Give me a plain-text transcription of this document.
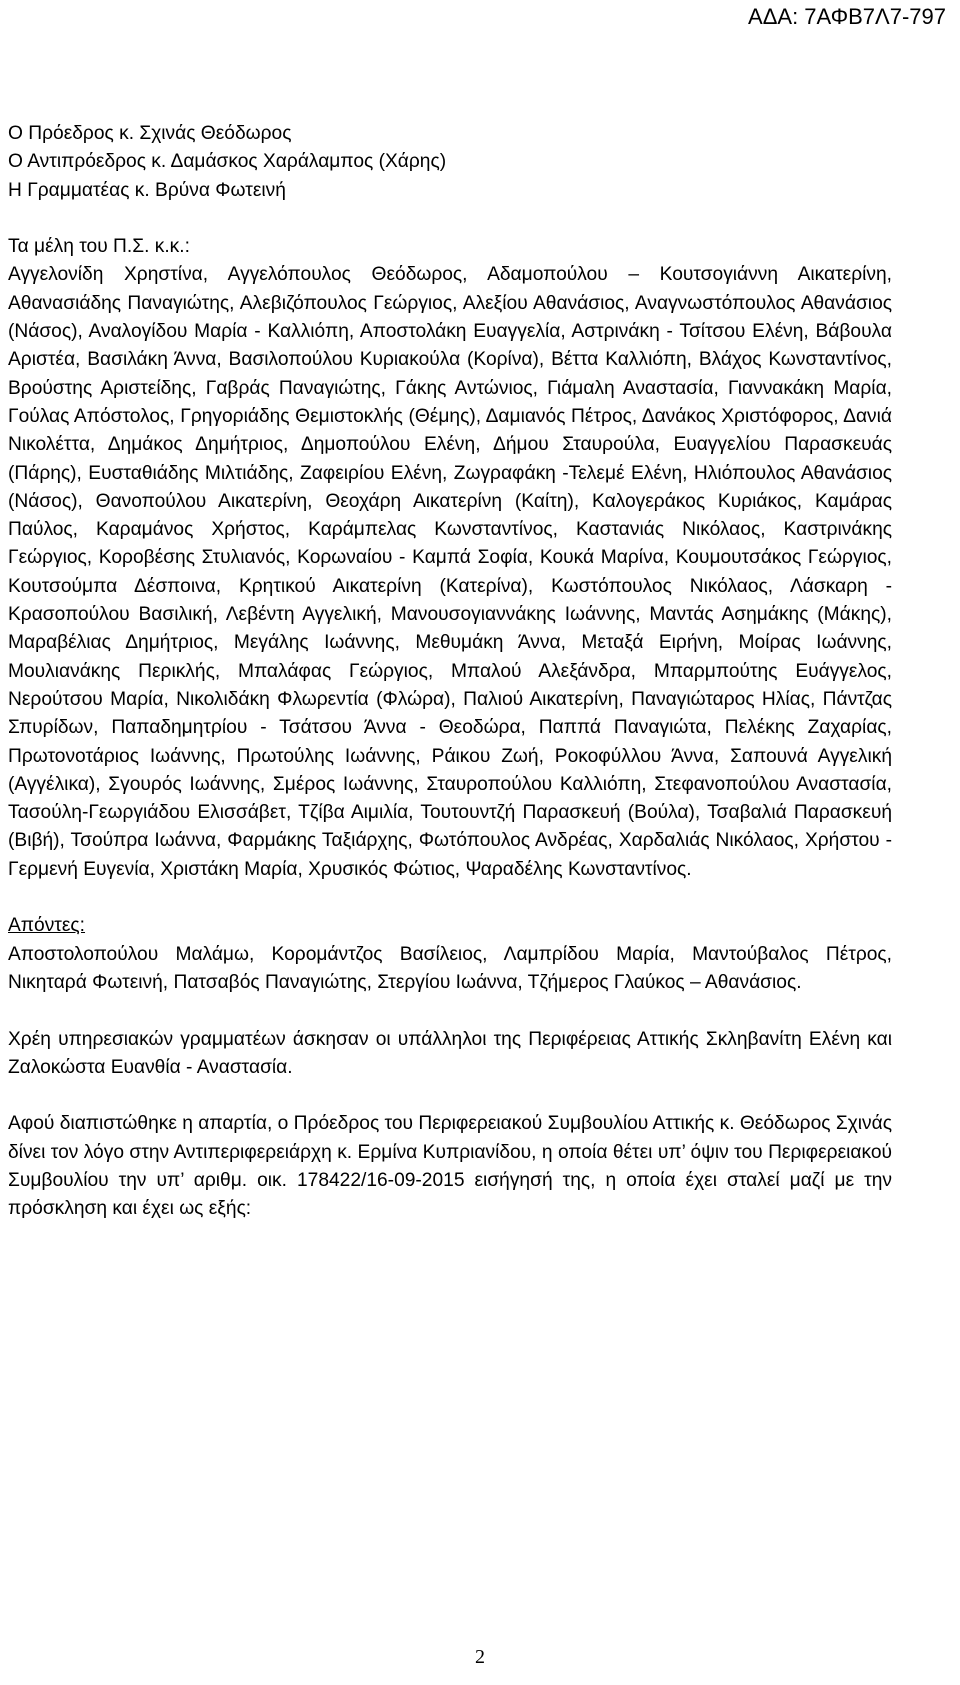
ΑΔΑ: 7ΑΦΒ7Λ7-797

Ο Πρόεδρος κ. Σχινάς Θεόδωρος

Ο Αντιπρόεδρος κ. Δαμάσκος Χαράλαμπος (Χάρης)

Η Γραμματέας κ. Βρύνα Φωτεινή

Τα μέλη του Π.Σ. κ.κ.:

Αγγελονίδη Χρηστίνα, Αγγελόπουλος Θεόδωρος, Αδαμοπούλου – Κουτσογιάννη Αικατερίνη, Αθανασιάδης Παναγιώτης, Αλεβιζόπουλος Γεώργιος, Αλεξίου Αθανάσιος, Αναγνωστόπουλος Αθανάσιος (Νάσος), Αναλογίδου Μαρία - Καλλιόπη, Αποστολάκη Ευαγγελία, Αστρινάκη - Τσίτσου Ελένη, Βάβουλα Αριστέα, Βασιλάκη Άννα, Βασιλοπούλου Κυριακούλα (Κορίνα), Βέττα Καλλιόπη, Βλάχος Κωνσταντίνος, Βρούστης Αριστείδης, Γαβράς Παναγιώτης, Γάκης Αντώνιος, Γιάμαλη Αναστασία, Γιαννακάκη Μαρία, Γούλας Απόστολος, Γρηγοριάδης Θεμιστοκλής (Θέμης), Δαμιανός Πέτρος, Δανάκος Χριστόφορος, Δανιά Νικολέττα, Δημάκος Δημήτριος, Δημοπούλου Ελένη, Δήμου Σταυρούλα, Ευαγγελίου Παρασκευάς (Πάρης), Ευσταθιάδης Μιλτιάδης, Ζαφειρίου Ελένη, Ζωγραφάκη -Τελεμέ Ελένη, Ηλιόπουλος Αθανάσιος (Νάσος), Θανοπούλου Αικατερίνη, Θεοχάρη Αικατερίνη (Καίτη), Καλογεράκος Κυριάκος, Καμάρας Παύλος, Καραμάνος Χρήστος, Καράμπελας Κωνσταντίνος, Καστανιάς Νικόλαος, Καστρινάκης Γεώργιος, Κοροβέσης Στυλιανός, Κορωναίου - Καμπά Σοφία, Κουκά Μαρίνα, Κουμουτσάκος Γεώργιος, Κουτσούμπα Δέσποινα, Κρητικού Αικατερίνη (Κατερίνα), Κωστόπουλος Νικόλαος, Λάσκαρη - Κρασοπούλου Βασιλική, Λεβέντη Αγγελική, Μανουσογιαννάκης Ιωάννης, Μαντάς Ασημάκης (Μάκης), Μαραβέλιας Δημήτριος, Μεγάλης Ιωάννης, Μεθυμάκη Άννα, Μεταξά Ειρήνη, Μοίρας Ιωάννης, Μουλιανάκης Περικλής, Μπαλάφας Γεώργιος, Μπαλού Αλεξάνδρα, Μπαρμπούτης Ευάγγελος, Νερούτσου Μαρία, Νικολιδάκη Φλωρεντία (Φλώρα), Παλιού Αικατερίνη, Παναγιώταρος Ηλίας, Πάντζας Σπυρίδων, Παπαδημητρίου - Τσάτσου Άννα - Θεοδώρα, Παππά Παναγιώτα, Πελέκης Ζαχαρίας, Πρωτονοτάριος Ιωάννης, Πρωτούλης Ιωάννης, Ράικου Ζωή, Ροκοφύλλου Άννα, Σαπουνά Αγγελική (Αγγέλικα), Σγουρός Ιωάννης, Σμέρος Ιωάννης, Σταυροπούλου Καλλιόπη, Στεφανοπούλου Αναστασία, Τασούλη-Γεωργιάδου Ελισσάβετ, Τζίβα Αιμιλία, Τουτουντζή Παρασκευή (Βούλα), Τσαβαλιά Παρασκευή (Βιβή), Τσούπρα Ιωάννα, Φαρμάκης Ταξιάρχης, Φωτόπουλος Ανδρέας, Χαρδαλιάς Νικόλαος, Χρήστου - Γερμενή Ευγενία, Χριστάκη Μαρία, Χρυσικός Φώτιος, Ψαραδέλης Κωνσταντίνος.

Απόντες:

Αποστολοπούλου Μαλάμω, Κορομάντζος Βασίλειος, Λαμπρίδου Μαρία, Μαντούβαλος Πέτρος, Νικηταρά Φωτεινή, Πατσαβός Παναγιώτης, Στεργίου Ιωάννα, Τζήμερος Γλαύκος – Αθανάσιος.

Χρέη υπηρεσιακών γραμματέων άσκησαν οι υπάλληλοι της Περιφέρειας Αττικής Σκληβανίτη Ελένη και Ζαλοκώστα Ευανθία - Αναστασία.

Αφού διαπιστώθηκε η απαρτία, ο Πρόεδρος του Περιφερειακού Συμβουλίου Αττικής κ. Θεόδωρος Σχινάς δίνει τον λόγο στην Αντιπεριφερειάρχη κ. Ερμίνα Κυπριανίδου, η οποία θέτει υπ’ όψιν του Περιφερειακού Συμβουλίου την υπ’ αριθμ. οικ. 178422/16-09-2015 εισήγησή της, η οποία έχει σταλεί μαζί με την πρόσκληση και έχει ως εξής:

2
